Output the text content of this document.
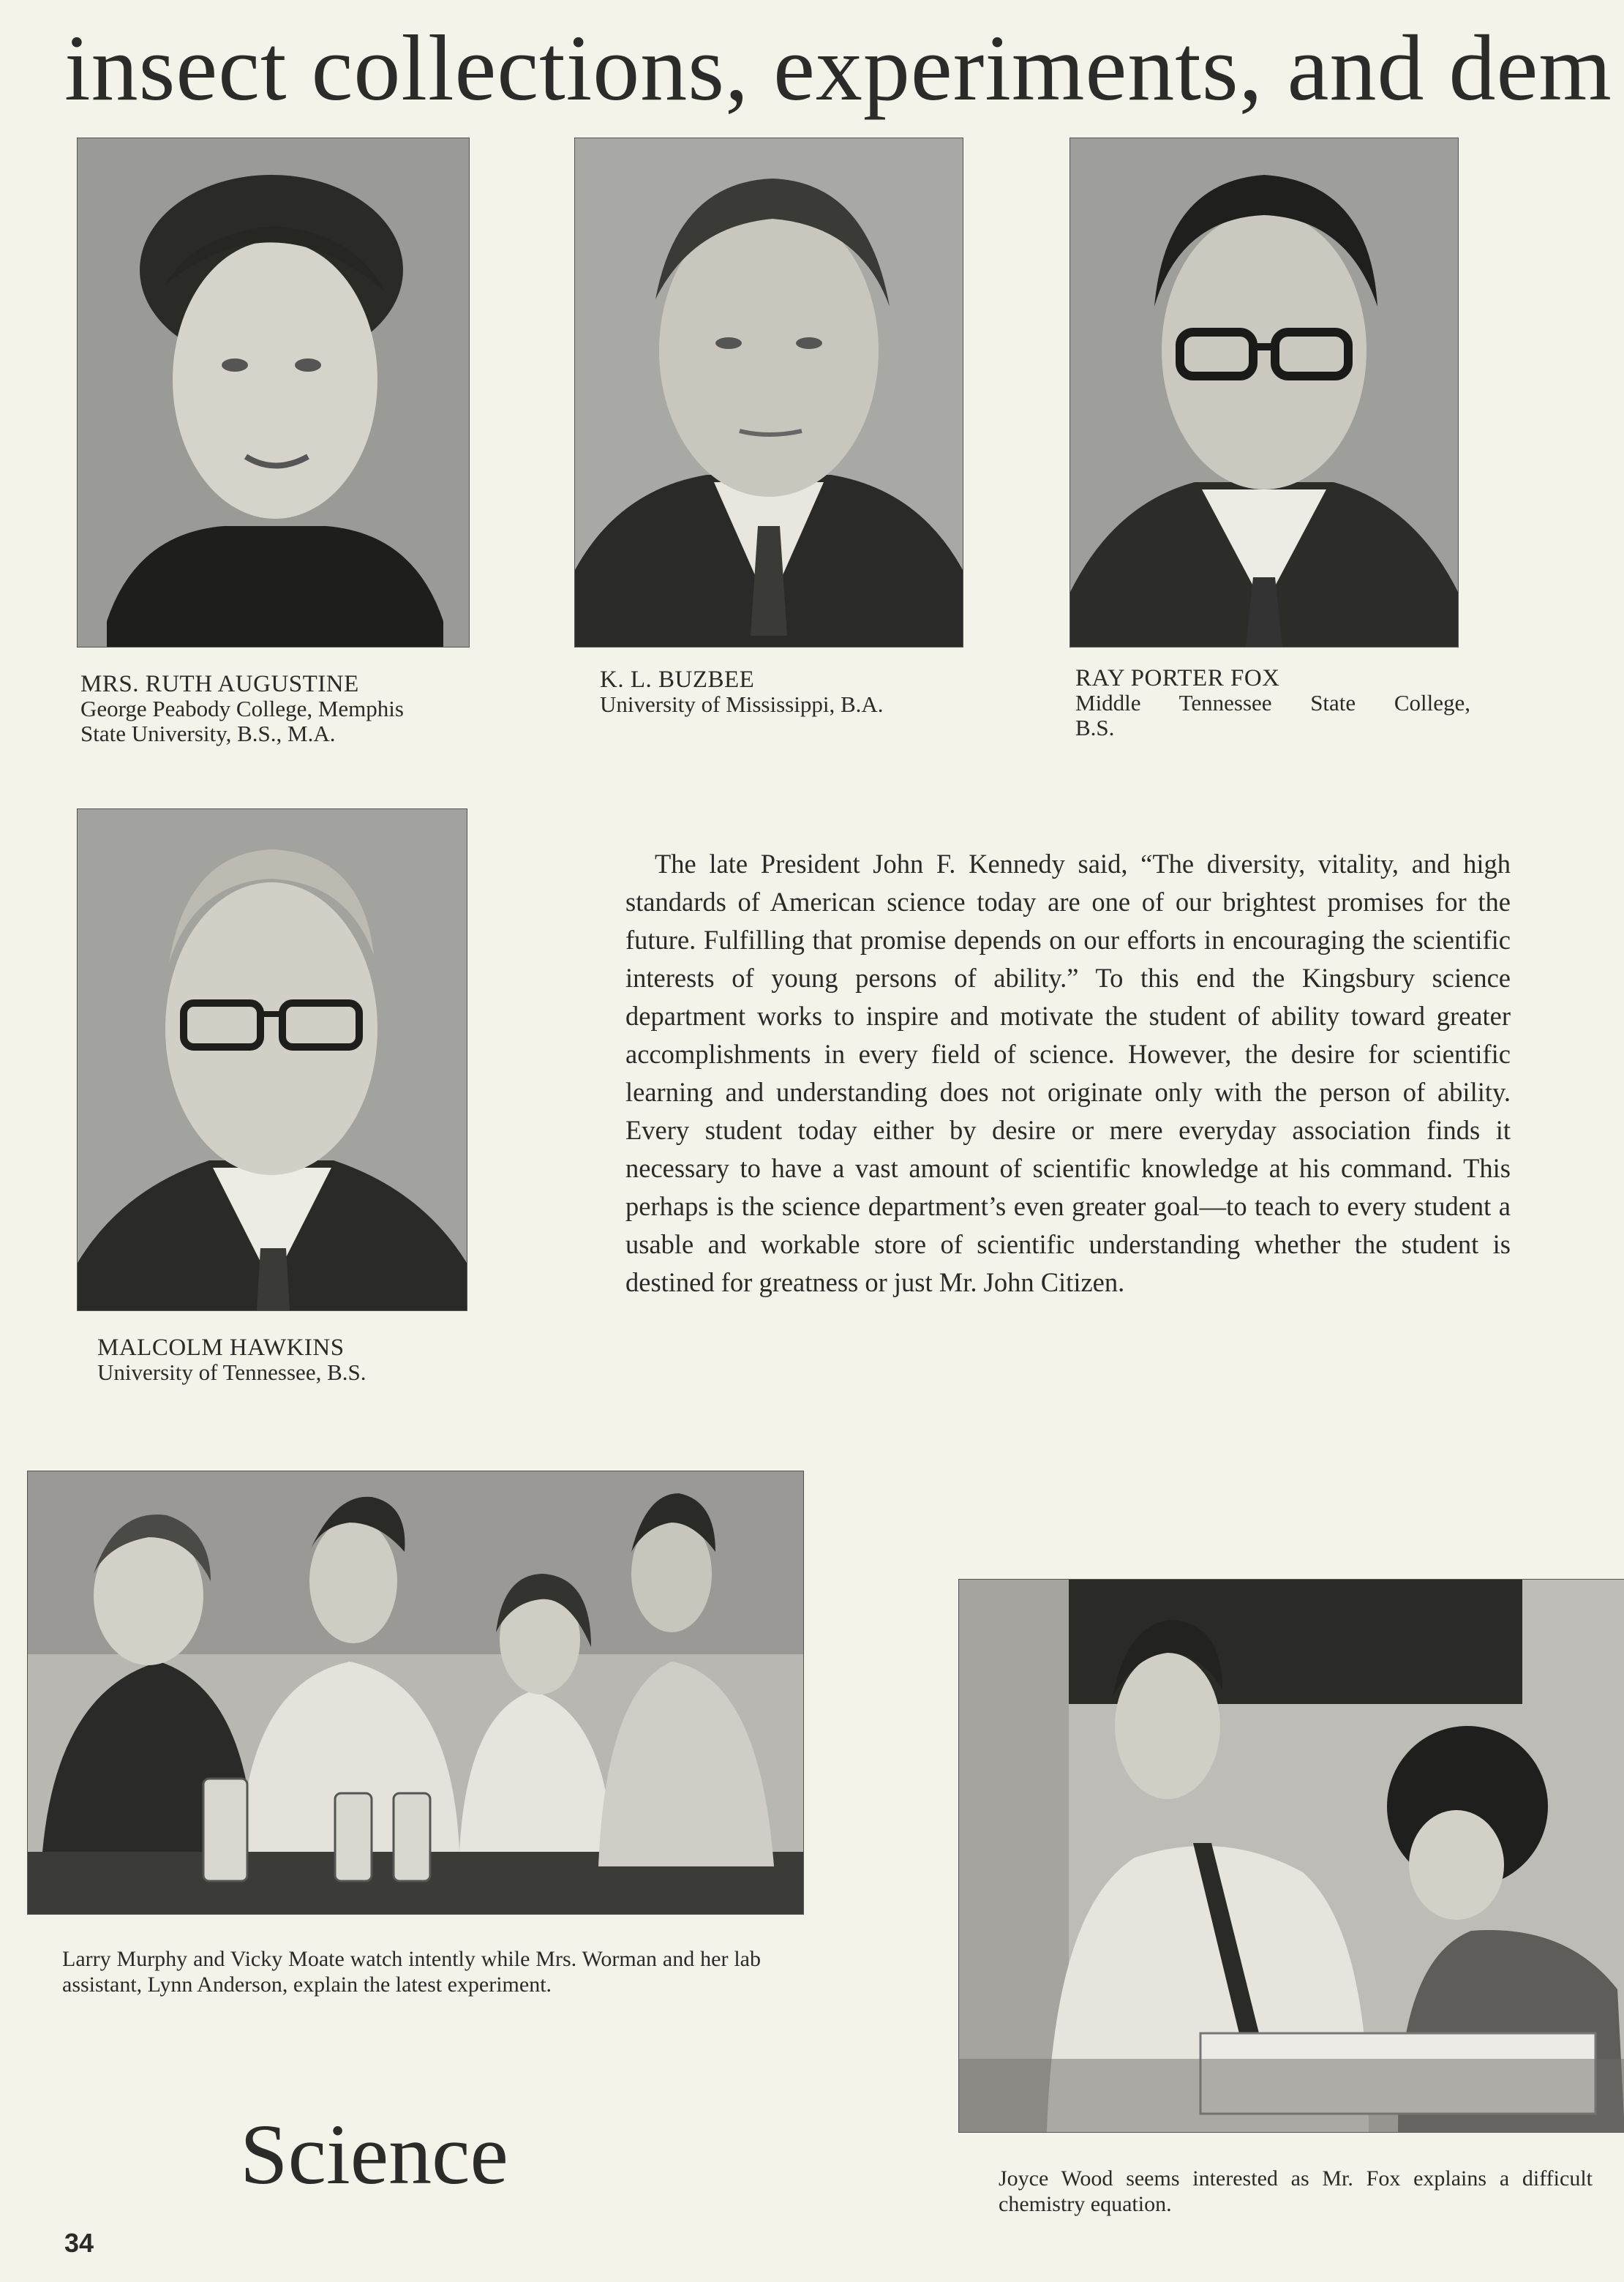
insect collections, experiments, and dem
MRS. RUTH AUGUSTINE
George Peabody College, Memphis
State University, B.S., M.A.
K. L. BUZBEE
University of Mississippi, B.A.
RAY PORTER FOX
Middle Tennessee State College,
B.S.
MALCOLM HAWKINS
University of Tennessee, B.S.
The late President John F. Kennedy said, “The diversity, vitality, and high standards of American science today are one of our brightest promises for the future. Fulfilling that promise depends on our efforts in encouraging the scientific interests of young persons of ability.” To this end the Kingsbury science department works to inspire and motivate the student of ability toward greater accomplishments in every field of science. However, the desire for scientific learning and understanding does not originate only with the person of ability. Every student today either by desire or mere everyday association finds it necessary to have a vast amount of scientific knowledge at his command. This perhaps is the science department’s even greater goal—to teach to every student a usable and workable store of scientific understanding whether the student is destined for greatness or just Mr. John Citizen.
Larry Murphy and Vicky Moate watch intently while Mrs. Worman and her lab assistant, Lynn Anderson, explain the latest experiment.
Joyce Wood seems interested as Mr. Fox explains a difficult chemistry equation.
Science
34
